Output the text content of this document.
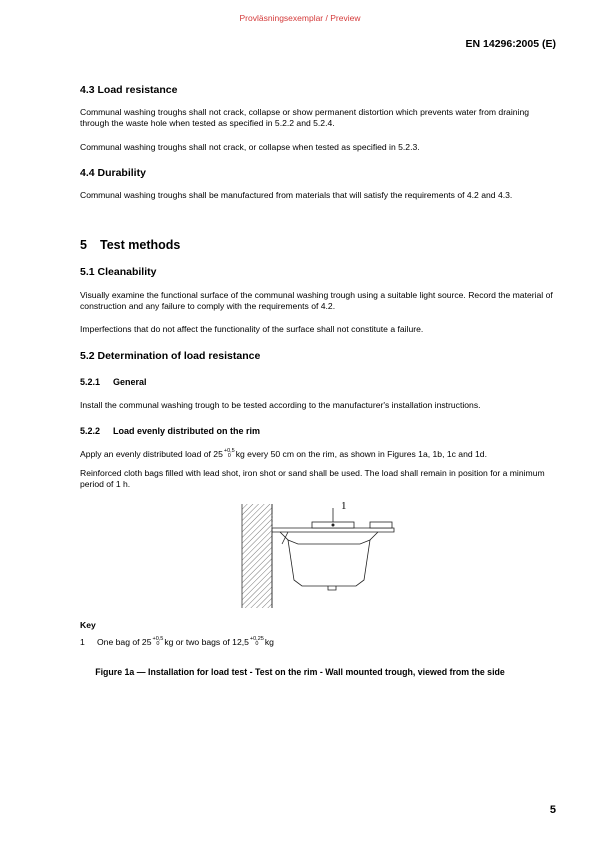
Provläsningsexemplar / Preview
EN 14296:2005 (E)
4.3 Load resistance
Communal washing troughs shall not crack, collapse or show permanent distortion which prevents water from draining through the waste hole when tested as specified in 5.2.2 and 5.2.4.
Communal washing troughs shall not crack, or collapse when tested as specified in 5.2.3.
4.4 Durability
Communal washing troughs shall be manufactured from materials that will satisfy the requirements of 4.2 and 4.3.
5 Test methods
5.1 Cleanability
Visually examine the functional surface of the communal washing trough using a suitable light source. Record the material of construction and any failure to comply with the requirements of 4.2.
Imperfections that do not affect the functionality of the surface shall not constitute a failure.
5.2 Determination of load resistance
5.2.1 General
Install the communal washing trough to be tested according to the manufacturer's installation instructions.
5.2.2 Load evenly distributed on the rim
Apply an evenly distributed load of 25 $^{+0,5 0}$ kg every 50 cm on the rim, as shown in Figures 1a, 1b, 1c and 1d.
Reinforced cloth bags filled with lead shot, iron shot or sand shall be used. The load shall remain in position for a minimum period of 1 h.
1
Key
1 One bag of 25 $^{+0,5 0}$ kg or two bags of 12,5 $^{+0,25 0}$ kg
Figure 1a — Installation for load test - Test on the rim - Wall mounted trough, viewed from the side
5
